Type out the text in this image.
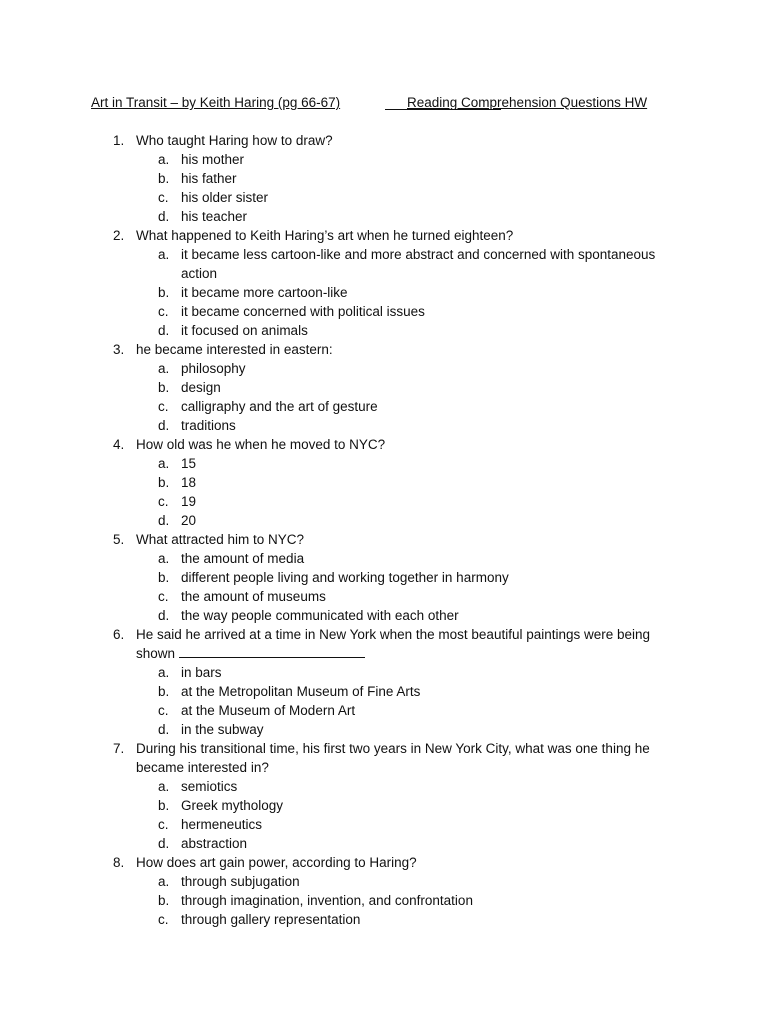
Art in Transit – by Keith Haring (pg 66-67)	Reading Comprehension Questions HW
1. Who taught Haring how to draw?
a. his mother
b. his father
c. his older sister
d. his teacher
2. What happened to Keith Haring’s art when he turned eighteen?
a. it became less cartoon-like and more abstract and concerned with spontaneous action
b. it became more cartoon-like
c. it became concerned with political issues
d. it focused on animals
3. he became interested in eastern:
a. philosophy
b. design
c. calligraphy and the art of gesture
d. traditions
4. How old was he when he moved to NYC?
a. 15
b. 18
c. 19
d. 20
5. What attracted him to NYC?
a. the amount of media
b. different people living and working together in harmony
c. the amount of museums
d. the way people communicated with each other
6. He said he arrived at a time in New York when the most beautiful paintings were being shown
a. in bars
b. at the Metropolitan Museum of Fine Arts
c. at the Museum of Modern Art
d. in the subway
7. During his transitional time, his first two years in New York City, what was one thing he became interested in?
a. semiotics
b. Greek mythology
c. hermeneutics
d. abstraction
8. How does art gain power, according to Haring?
a. through subjugation
b. through imagination, invention, and confrontation
c. through gallery representation
